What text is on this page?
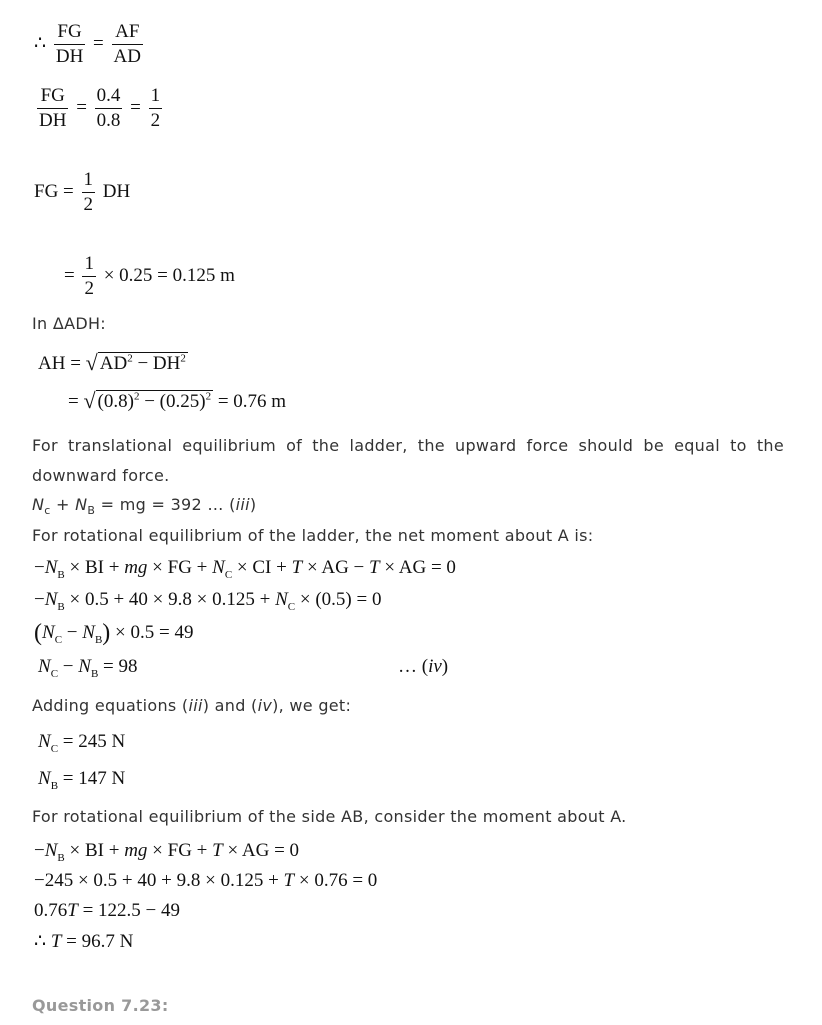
∴ $\frac{FG}{DH} = \frac{AF}{AD}$
$\frac{FG}{DH} = \frac{0.4}{0.8} = \frac{1}{2}$
FG = $\frac{1}{2}$ DH
= $\frac{1}{2} \times 0.25 = 0.125$ m
In ΔADH:
AH = √ $AD^2 - DH^2$
= √ $(0.8)^2 - (0.25)^2 = 0.76$ m

For translational equilibrium of the ladder, the upward force should be equal to the downward force.

$N_c + N_B$ = mg = 392 … (iii)
For rotational equilibrium of the ladder, the net moment about A is:
$-N_B$ × BI + mg × FG + $N_C$ × CI + T × AG − T × AG = 0
$-N_B \times 0.5 + 40 \times 9.8 \times 0.125 + N_C \times (0.5) = 0$
$(N_C - N_B) \times 0.5 = 49$
$N_C - N_B = 98$	… (iv)
Adding equations (iii) and (iv), we get:
$N_C = 245$ N
$N_B = 147$ N
For rotational equilibrium of the side AB, consider the moment about A.
$-N_B$ × BI + mg × FG + T × AG = 0
−245 × 0.5 + 40 + 9.8 × 0.125 + T × 0.76 = 0
0.76T = 122.5 − 49
∴ T = 96.7 N
Question 7.23:
